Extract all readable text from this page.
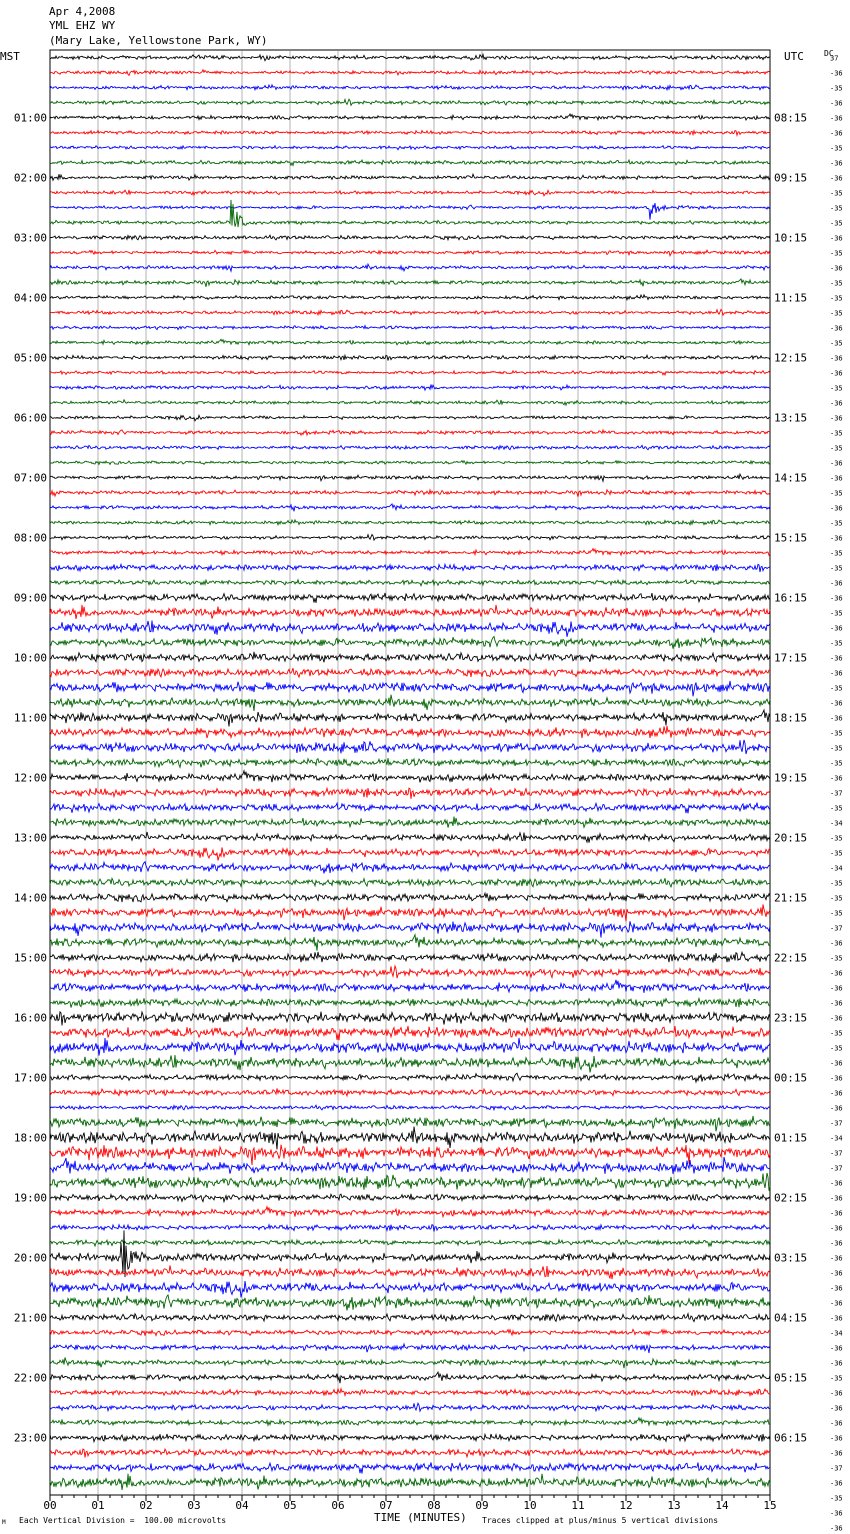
Apr 4,2008
YML EHZ WY
(Mary Lake, Yellowstone Park, WY)
MST	UTC	DC
01:00
02:00
03:00
04:00
05:00
06:00
07:00
08:00
09:00
10:00
11:00
12:00
13:00
14:00
15:00
16:00
17:00
18:00
19:00
20:00
21:00
22:00
23:00
08:15
09:15
10:15
11:15
12:15
13:15
14:15
15:15
16:15
17:15
18:15
19:15
20:15
21:15
22:15
23:15
00:15
01:15
02:15
03:15
04:15
05:15
06:15
37
-36
-35
-36
-36
-36
-35
-36
-36
-35
-35
-35
-36
-35
-36
-35
-35
-35
-36
-35
-36
-36
-35
-36
-36
-35
-35
-36
-36
-35
-36
-35
-36
-35
-35
-36
-36
-35
-36
-35
-36
-36
-35
-36
-36
-35
-35
-35
-36
-37
-35
-34
-35
-35
-34
-35
-35
-35
-37
-36
-35
-36
-36
-36
-36
-35
-35
-36
-36
-36
-36
-37
-34
-37
-37
-36
-36
-36
-36
-36
-36
-36
-36
-36
-36
-34
-36
-36
-35
-36
-36
-36
-36
-36
-37
-36
-35
-36
-36
00	01	02	03	04	05	06	07	08	09	10	11	12	13	14	15
TIME (MINUTES)
Each Vertical Division =  100.00 microvolts	Traces clipped at plus/minus 5 vertical divisions
M
